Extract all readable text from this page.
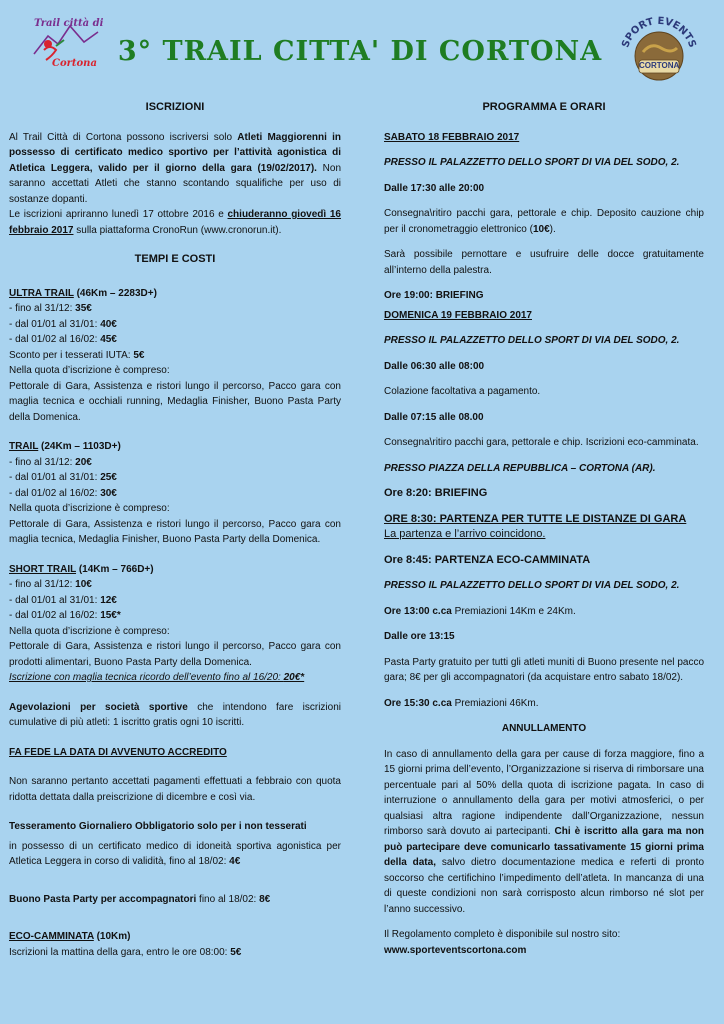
Trail città di
Cortona 3° TRAIL CITTA' DI CORTONA	SPORT EVENTS
CORTONA
ISCRIZIONI

Al Trail Città di Cortona possono iscriversi solo Atleti Maggiorenni in possesso di certificato medico sportivo per l’attività agonistica di Atletica Leggera, valido per il giorno della gara (19/02/2017). Non saranno accettati Atleti che stanno scontando squalifiche per uso di sostanze dopanti.

Le iscrizioni apriranno lunedì 17 ottobre 2016 e chiuderanno giovedì 16 febbraio 2017 sulla piattaforma CronoRun (www.cronorun.it).

TEMPI E COSTI

ULTRA TRAIL (46Km – 2283D+)

- fino al 31/12: 35€

- dal 01/01 al 31/01: 40€

- dal 01/02 al 16/02: 45€

Sconto per i tesserati IUTA: 5€

Nella quota d’iscrizione è compreso:

Pettorale di Gara, Assistenza e ristori lungo il percorso, Pacco gara con maglia tecnica e occhiali running, Medaglia Finisher, Buono Pasta Party della Domenica.

TRAIL (24Km – 1103D+)

- fino al 31/12: 20€

- dal 01/01 al 31/01: 25€

- dal 01/02 al 16/02: 30€

Nella quota d’iscrizione è compreso:

Pettorale di Gara, Assistenza e ristori lungo il percorso, Pacco gara con maglia tecnica, Medaglia Finisher, Buono Pasta Party della Domenica.

SHORT TRAIL (14Km – 766D+)

- fino al 31/12: 10€

- dal 01/01 al 31/01: 12€

- dal 01/02 al 16/02: 15€*

Nella quota d’iscrizione è compreso:

Pettorale di Gara, Assistenza e ristori lungo il percorso, Pacco gara con prodotti alimentari, Buono Pasta Party della Domenica.

Iscrizione con maglia tecnica ricordo dell’evento fino al 16/20: 20€*

Agevolazioni per società sportive che intendono fare iscrizioni cumulative di più atleti: 1 iscritto gratis ogni 10 iscritti.

FA FEDE LA DATA DI AVVENUTO ACCREDITO

Non saranno pertanto accettati pagamenti effettuati a febbraio con quota ridotta dettata dalla preiscrizione di dicembre e così via.

Tesseramento Giornaliero Obbligatorio solo per i non tesserati

in possesso di un certificato medico di idoneità sportiva agonistica per Atletica Leggera in corso di validità, fino al 18/02: 4€

Buono Pasta Party per accompagnatori fino al 18/02: 8€

ECO-CAMMINATA (10Km)

Iscrizioni la mattina della gara, entro le ore 08:00: 5€

PROGRAMMA E ORARI

SABATO 18 FEBBRAIO 2017

PRESSO IL PALAZZETTO DELLO SPORT DI VIA DEL SODO, 2.

Dalle 17:30 alle 20:00

Consegna\ritiro pacchi gara, pettorale e chip. Deposito cauzione chip per il cronometraggio elettronico (10€).

Sarà possibile pernottare e usufruire delle docce gratuitamente all’interno della palestra.

Ore 19:00: BRIEFING

DOMENICA 19 FEBBRAIO 2017

PRESSO IL PALAZZETTO DELLO SPORT DI VIA DEL SODO, 2.

Dalle 06:30 alle 08:00

Colazione facoltativa a pagamento.

Dalle 07:15 alle 08.00

Consegna\ritiro pacchi gara, pettorale e chip. Iscrizioni eco-camminata.

PRESSO PIAZZA DELLA REPUBBLICA – CORTONA (AR).

Ore 8:20: BRIEFING

ORE 8:30: PARTENZA PER TUTTE LE DISTANZE DI GARA

La partenza e l’arrivo coincidono.

Ore 8:45: PARTENZA ECO-CAMMINATA

PRESSO IL PALAZZETTO DELLO SPORT DI VIA DEL SODO, 2.

Ore 13:00 c.ca Premiazioni 14Km e 24Km.

Dalle ore 13:15

Pasta Party gratuito per tutti gli atleti muniti di Buono presente nel pacco gara; 8€ per gli accompagnatori (da acquistare entro sabato 18/02).

Ore 15:30 c.ca Premiazioni 46Km.

ANNULLAMENTO

In caso di annullamento della gara per cause di forza maggiore, fino a 15 giorni prima dell’evento, l’Organizzazione si riserva di rimborsare una percentuale pari al 50% della quota di iscrizione pagata. In caso di interruzione o annullamento della gara per motivi atmosferici, o per qualsiasi altra ragione indipendente dall’Organizzazione, nessun rimborso sarà dovuto ai partecipanti. Chi è iscritto alla gara ma non può partecipare deve comunicarlo tassativamente 15 giorni prima della data, salvo dietro documentazione medica e referti di pronto soccorso che certifichino l’impedimento dell’atleta. In mancanza di una di queste condizioni non sarà corrisposto alcun rimborso né slot per l’anno successivo.

Il Regolamento completo è disponibile sul nostro sito:

www.sporteventscortona.com
